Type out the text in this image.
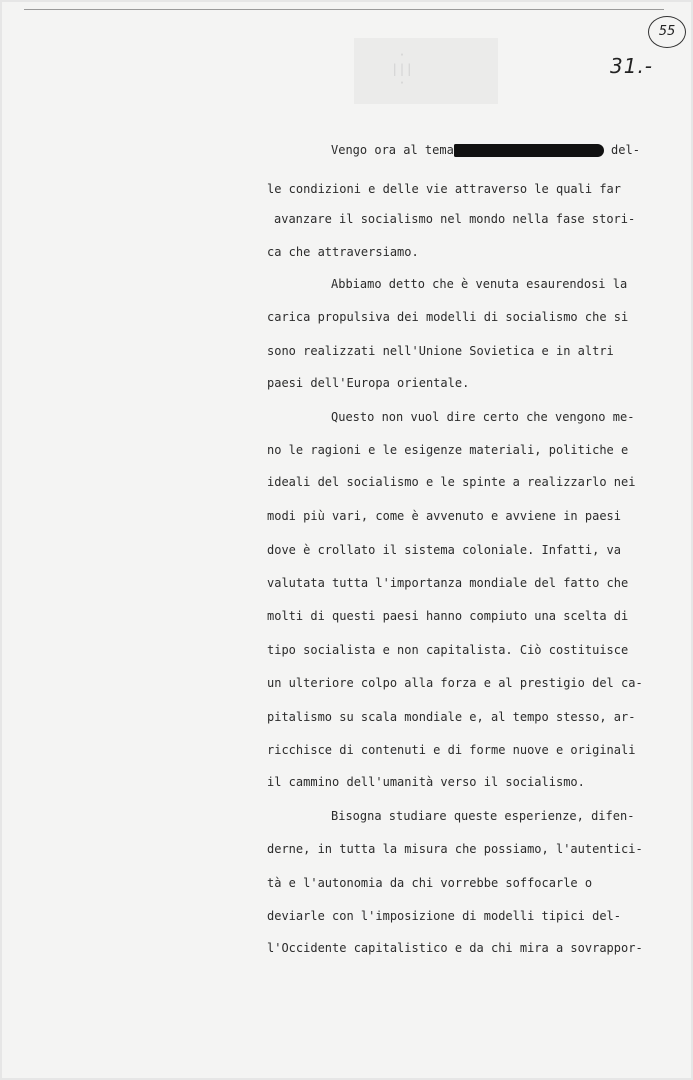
· ||| ·
55
31.-
Vengo ora al tema	del-
le condizioni e delle vie attraverso le quali far
avanzare il socialismo nel mondo nella fase stori-
ca che attraversiamo.
Abbiamo detto che è venuta esaurendosi la
carica propulsiva dei modelli di socialismo che si
sono realizzati nell'Unione Sovietica e in altri
paesi dell'Europa orientale.
Questo non vuol dire certo che vengono me-
no le ragioni e le esigenze materiali, politiche e
ideali del socialismo e le spinte a realizzarlo nei
modi più vari, come è avvenuto e avviene in paesi
dove è crollato il sistema coloniale. Infatti, va
valutata tutta l'importanza mondiale del fatto che
molti di questi paesi hanno compiuto una scelta di
tipo socialista e non capitalista. Ciò costituisce
un ulteriore colpo alla forza e al prestigio del ca-
pitalismo su scala mondiale e, al tempo stesso, ar-
ricchisce di contenuti e di forme nuove e originali
il cammino dell'umanità verso il socialismo.
Bisogna studiare queste esperienze, difen-
derne, in tutta la misura che possiamo, l'autentici-
tà e l'autonomia da chi vorrebbe soffocarle o
deviarle con l'imposizione di modelli tipici del-
l'Occidente capitalistico e da chi mira a sovrappor-
